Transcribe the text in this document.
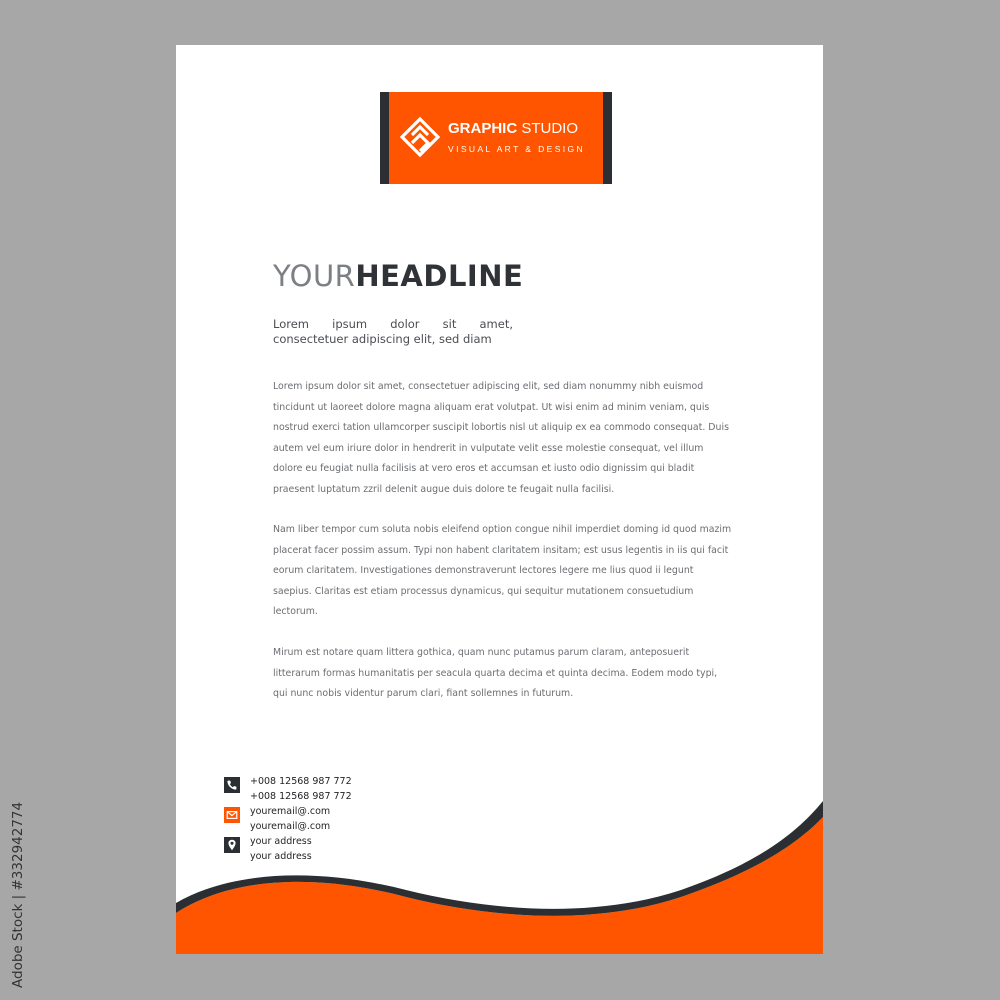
GRAPHIC STUDIO
VISUAL ART & DESIGN
YOURHEADLINE
Lorem ipsum dolor sit amet, consectetuer adipiscing elit, sed diam

Lorem ipsum dolor sit amet, consectetuer adipiscing elit, sed diam nonummy nibh euismod tincidunt ut laoreet dolore magna aliquam erat volutpat. Ut wisi enim ad minim veniam, quis nostrud exerci tation ullamcorper suscipit lobortis nisl ut aliquip ex ea commodo consequat. Duis autem vel eum iriure dolor in hendrerit in vulputate velit esse molestie consequat, vel illum dolore eu feugiat nulla facilisis at vero eros et accumsan et iusto odio dignissim qui bladit praesent luptatum zzril delenit augue duis dolore te feugait nulla facilisi.

Nam liber tempor cum soluta nobis eleifend option congue nihil imperdiet doming id quod mazim placerat facer possim assum. Typi non habent claritatem insitam; est usus legentis in iis qui facit eorum claritatem. Investigationes demonstraverunt lectores legere me lius quod ii legunt saepius. Claritas est etiam processus dynamicus, qui sequitur mutationem consuetudium lectorum.

Mirum est notare quam littera gothica, quam nunc putamus parum claram, anteposuerit litterarum formas humanitatis per seacula quarta decima et quinta decima. Eodem modo typi, qui nunc nobis videntur parum clari, fiant sollemnes in futurum.

+008 12568 987 772
+008 12568 987 772
youremail@.com
youremail@.com
your address
your address
Adobe Stock | #332942774
